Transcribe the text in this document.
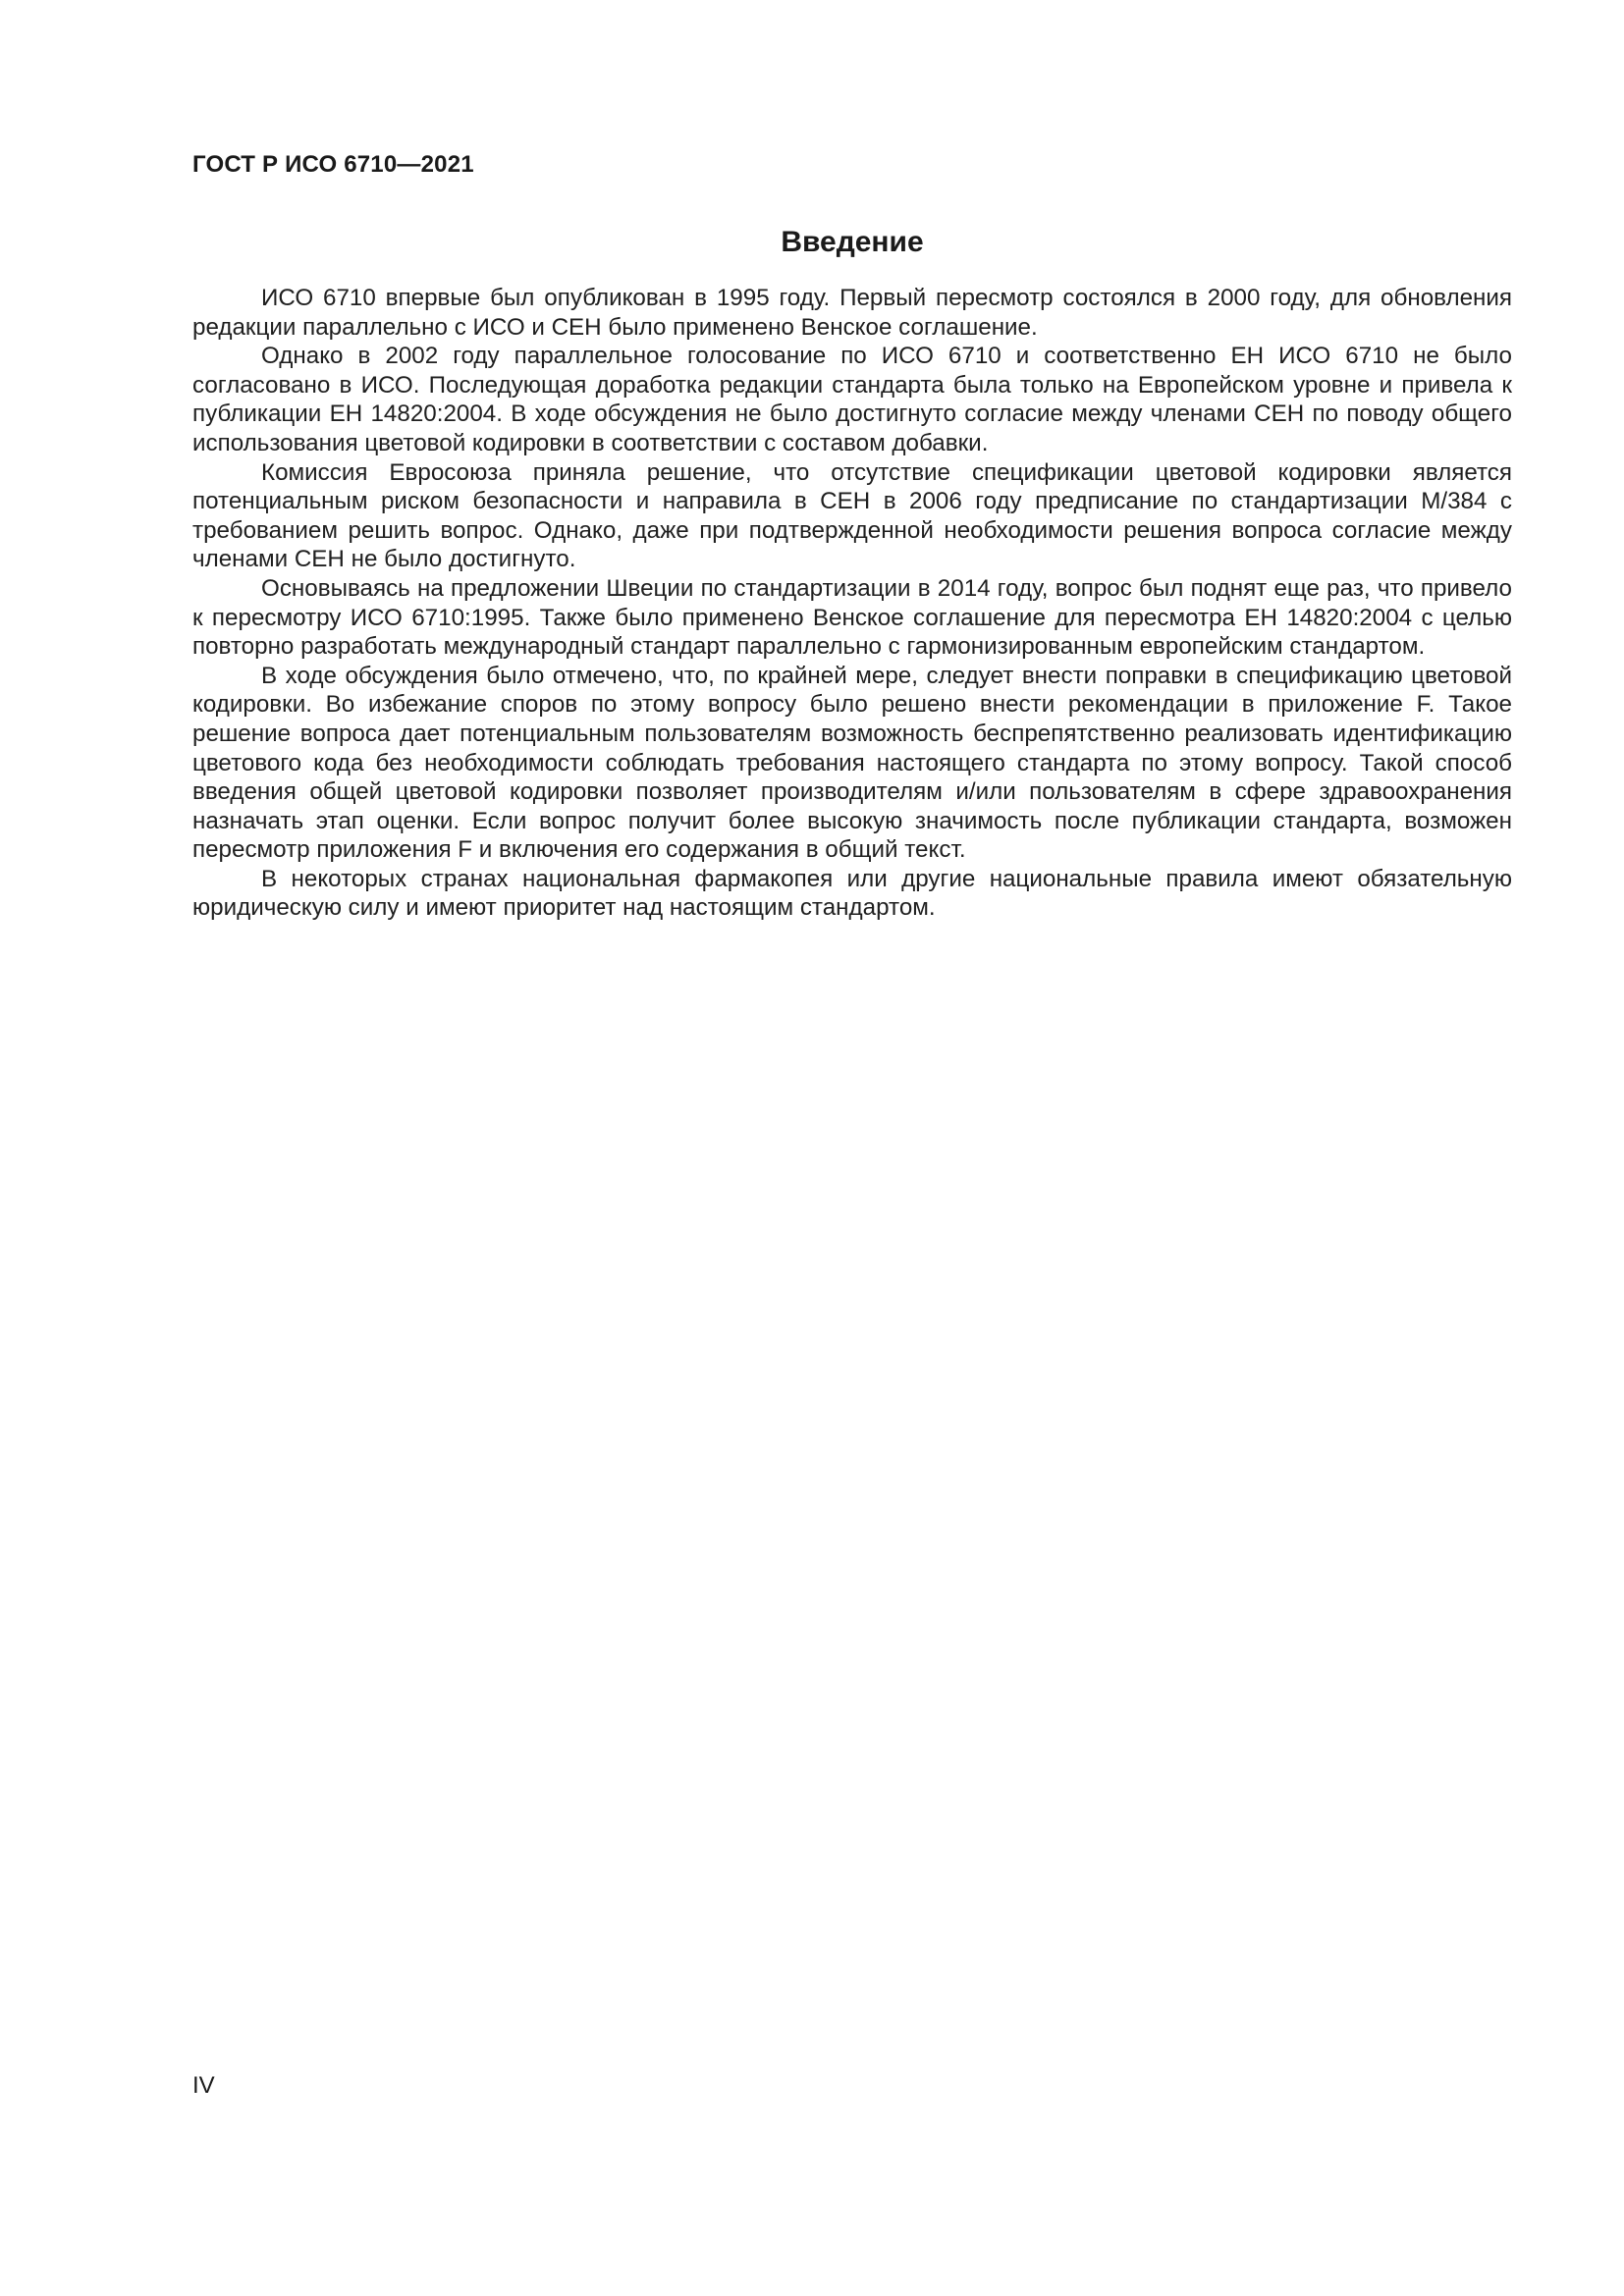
ГОСТ Р ИСО 6710—2021
Введение

ИСО 6710 впервые был опубликован в 1995 году. Первый пересмотр состоялся в 2000 году, для обновления редакции параллельно с ИСО и СЕН было применено Венское соглашение.

Однако в 2002 году параллельное голосование по ИСО 6710 и соответственно ЕН ИСО 6710 не было согласовано в ИСО. Последующая доработка редакции стандарта была только на Европейском уровне и привела к публикации ЕН 14820:2004. В ходе обсуждения не было достигнуто согласие между членами СЕН по поводу общего использования цветовой кодировки в соответствии с составом добавки.

Комиссия Евросоюза приняла решение, что отсутствие спецификации цветовой кодировки является потенциальным риском безопасности и направила в СЕН в 2006 году предписание по стандартизации М/384 с требованием решить вопрос. Однако, даже при подтвержденной необходимости решения вопроса согласие между членами СЕН не было достигнуто.

Основываясь на предложении Швеции по стандартизации в 2014 году, вопрос был поднят еще раз, что привело к пересмотру ИСО 6710:1995. Также было применено Венское соглашение для пересмотра ЕН 14820:2004 с целью повторно разработать международный стандарт параллельно с гармонизированным европейским стандартом.

В ходе обсуждения было отмечено, что, по крайней мере, следует внести поправки в спецификацию цветовой кодировки. Во избежание споров по этому вопросу было решено внести рекомендации в приложение F. Такое решение вопроса дает потенциальным пользователям возможность беспрепятственно реализовать идентификацию цветового кода без необходимости соблюдать требования настоящего стандарта по этому вопросу. Такой способ введения общей цветовой кодировки позволяет производителям и/или пользователям в сфере здравоохранения назначать этап оценки. Если вопрос получит более высокую значимость после публикации стандарта, возможен пересмотр приложения F и включения его содержания в общий текст.

В некоторых странах национальная фармакопея или другие национальные правила имеют обязательную юридическую силу и имеют приоритет над настоящим стандартом.

IV
